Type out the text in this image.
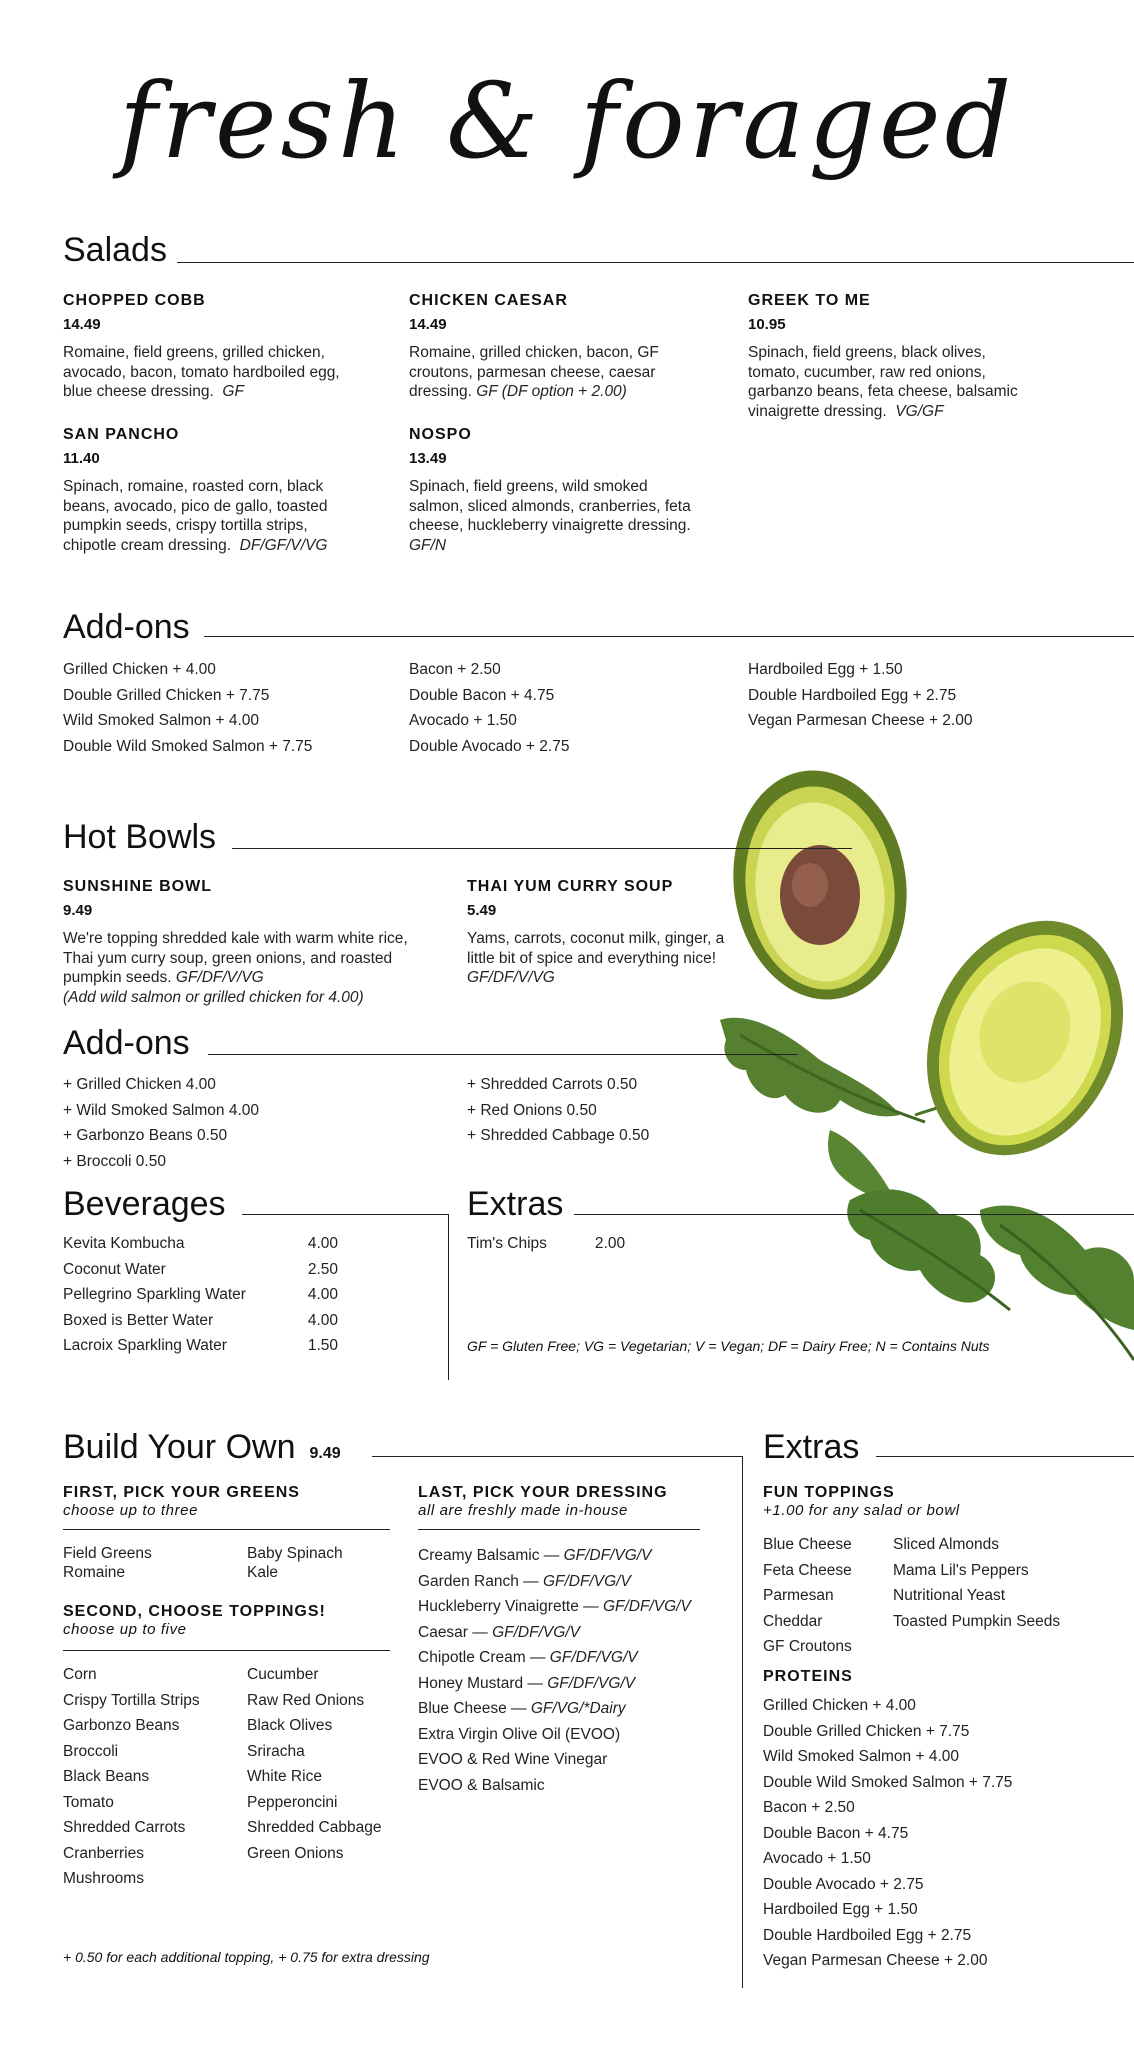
fresh & foraged
Salads
CHOPPED COBB
14.49
Romaine, field greens, grilled chicken, avocado, bacon, tomato hardboiled egg, blue cheese dressing. GF
CHICKEN CAESAR
14.49
Romaine, grilled chicken, bacon, GF croutons, parmesan cheese, caesar dressing. GF (DF option + 2.00)
GREEK TO ME
10.95
Spinach, field greens, black olives, tomato, cucumber, raw red onions, garbanzo beans, feta cheese, balsamic vinaigrette dressing. VG/GF
SAN PANCHO
11.40
Spinach, romaine, roasted corn, black beans, avocado, pico de gallo, toasted pumpkin seeds, crispy tortilla strips, chipotle cream dressing. DF/GF/V/VG
NOSPO
13.49
Spinach, field greens, wild smoked salmon, sliced almonds, cranberries, feta cheese, huckleberry vinaigrette dressing. GF/N
Add-ons
Grilled Chicken + 4.00
Double Grilled Chicken + 7.75
Wild Smoked Salmon + 4.00
Double Wild Smoked Salmon + 7.75
Bacon + 2.50
Double Bacon + 4.75
Avocado + 1.50
Double Avocado + 2.75
Hardboiled Egg + 1.50
Double Hardboiled Egg + 2.75
Vegan Parmesan Cheese + 2.00
Hot Bowls
SUNSHINE BOWL
9.49
We're topping shredded kale with warm white rice, Thai yum curry soup, green onions, and roasted pumpkin seeds. GF/DF/V/VG
(Add wild salmon or grilled chicken for 4.00)
THAI YUM CURRY SOUP
5.49
Yams, carrots, coconut milk, ginger, a little bit of spice and everything nice! GF/DF/V/VG
Add-ons
+ Grilled Chicken 4.00
+ Wild Smoked Salmon 4.00
+ Garbonzo Beans 0.50
+ Broccoli 0.50
+ Shredded Carrots 0.50
+ Red Onions 0.50
+ Shredded Cabbage 0.50
Beverages
Kevita Kombucha	4.00
Coconut Water	2.50
Pellegrino Sparkling Water	4.00
Boxed is Better Water	4.00
Lacroix Sparkling Water	1.50
Extras
Tim's Chips	2.00
GF = Gluten Free; VG = Vegetarian; V = Vegan; DF = Dairy Free; N = Contains Nuts
Build Your Own 9.49
FIRST, PICK YOUR GREENS
choose up to three
Field Greens
Romaine
Baby Spinach
Kale
SECOND, CHOOSE TOPPINGS!
choose up to five
Corn
Crispy Tortilla Strips
Garbonzo Beans
Broccoli
Black Beans
Tomato
Shredded Carrots
Cranberries
Mushrooms
Cucumber
Raw Red Onions
Black Olives
Sriracha
White Rice
Pepperoncini
Shredded Cabbage
Green Onions
LAST, PICK YOUR DRESSING
all are freshly made in-house
Creamy Balsamic — GF/DF/VG/V
Garden Ranch — GF/DF/VG/V
Huckleberry Vinaigrette — GF/DF/VG/V
Caesar — GF/DF/VG/V
Chipotle Cream — GF/DF/VG/V
Honey Mustard — GF/DF/VG/V
Blue Cheese — GF/VG/*Dairy
Extra Virgin Olive Oil (EVOO)
EVOO & Red Wine Vinegar
EVOO & Balsamic
+ 0.50 for each additional topping, + 0.75 for extra dressing
Extras
FUN TOPPINGS
+1.00 for any salad or bowl
Blue Cheese
Feta Cheese
Parmesan
Cheddar
GF Croutons
Sliced Almonds
Mama Lil's Peppers
Nutritional Yeast
Toasted Pumpkin Seeds
PROTEINS
Grilled Chicken + 4.00
Double Grilled Chicken + 7.75
Wild Smoked Salmon + 4.00
Double Wild Smoked Salmon + 7.75
Bacon + 2.50
Double Bacon + 4.75
Avocado + 1.50
Double Avocado + 2.75
Hardboiled Egg + 1.50
Double Hardboiled Egg + 2.75
Vegan Parmesan Cheese + 2.00
